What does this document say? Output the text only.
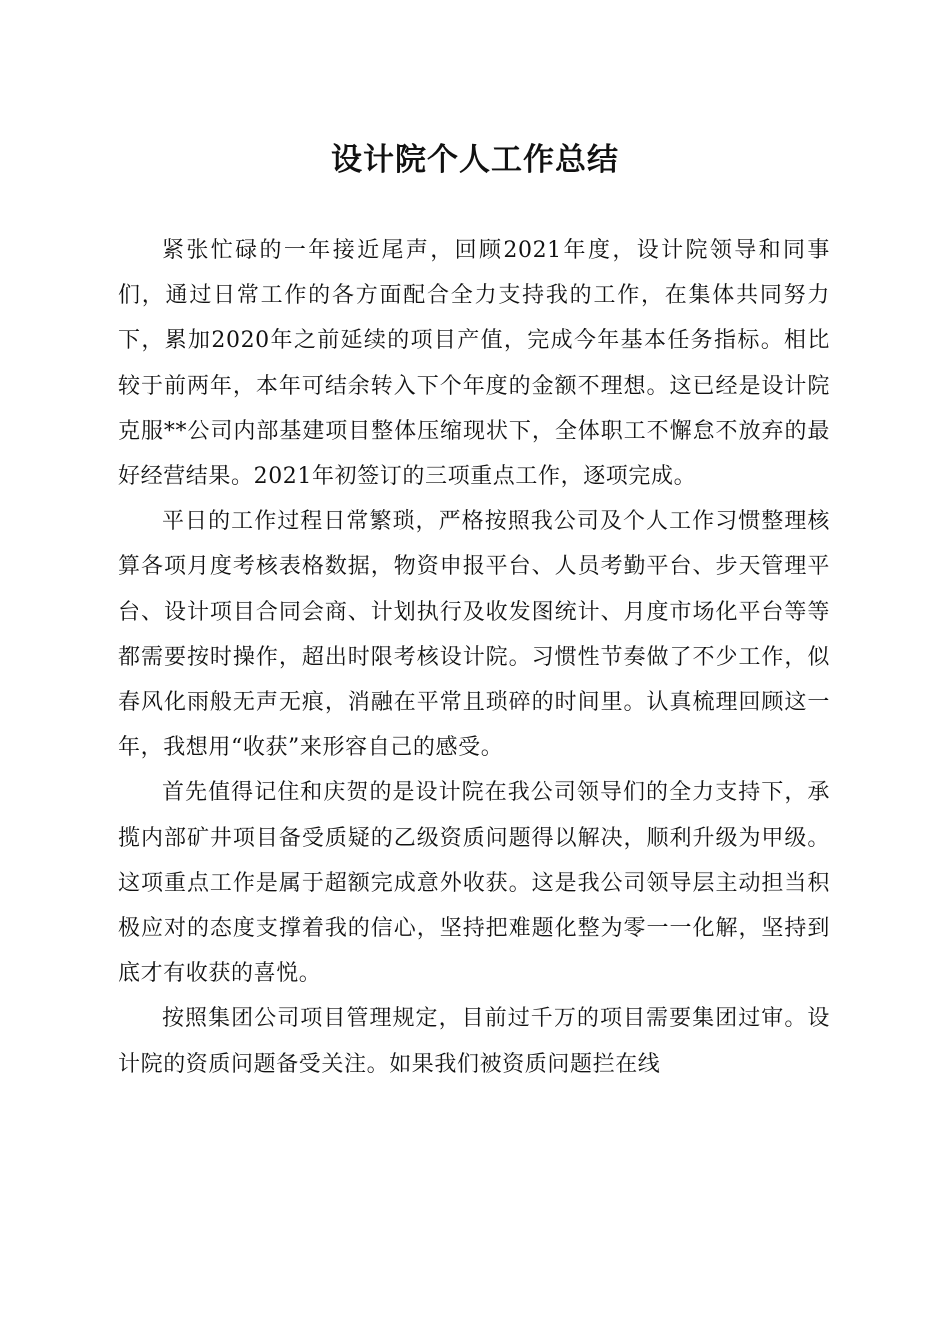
设计院个人工作总结

紧张忙碌的一年接近尾声，回顾2021年度，设计院领导和同事们，通过日常工作的各方面配合全力支持我的工作，在集体共同努力下，累加2020年之前延续的项目产值，完成今年基本任务指标。相比较于前两年，本年可结余转入下个年度的金额不理想。这已经是设计院克服**公司内部基建项目整体压缩现状下，全体职工不懈怠不放弃的最好经营结果。2021年初签订的三项重点工作，逐项完成。

平日的工作过程日常繁琐，严格按照我公司及个人工作习惯整理核算各项月度考核表格数据，物资申报平台、人员考勤平台、步天管理平台、设计项目合同会商、计划执行及收发图统计、月度市场化平台等等都需要按时操作，超出时限考核设计院。习惯性节奏做了不少工作，似春风化雨般无声无痕，消融在平常且琐碎的时间里。认真梳理回顾这一年，我想用“收获”来形容自己的感受。

首先值得记住和庆贺的是设计院在我公司领导们的全力支持下，承揽内部矿井项目备受质疑的乙级资质问题得以解决，顺利升级为甲级。这项重点工作是属于超额完成意外收获。这是我公司领导层主动担当积极应对的态度支撑着我的信心，坚持把难题化整为零一一化解，坚持到底才有收获的喜悦。

按照集团公司项目管理规定，目前过千万的项目需要集团过审。设计院的资质问题备受关注。如果我们被资质问题拦在线
